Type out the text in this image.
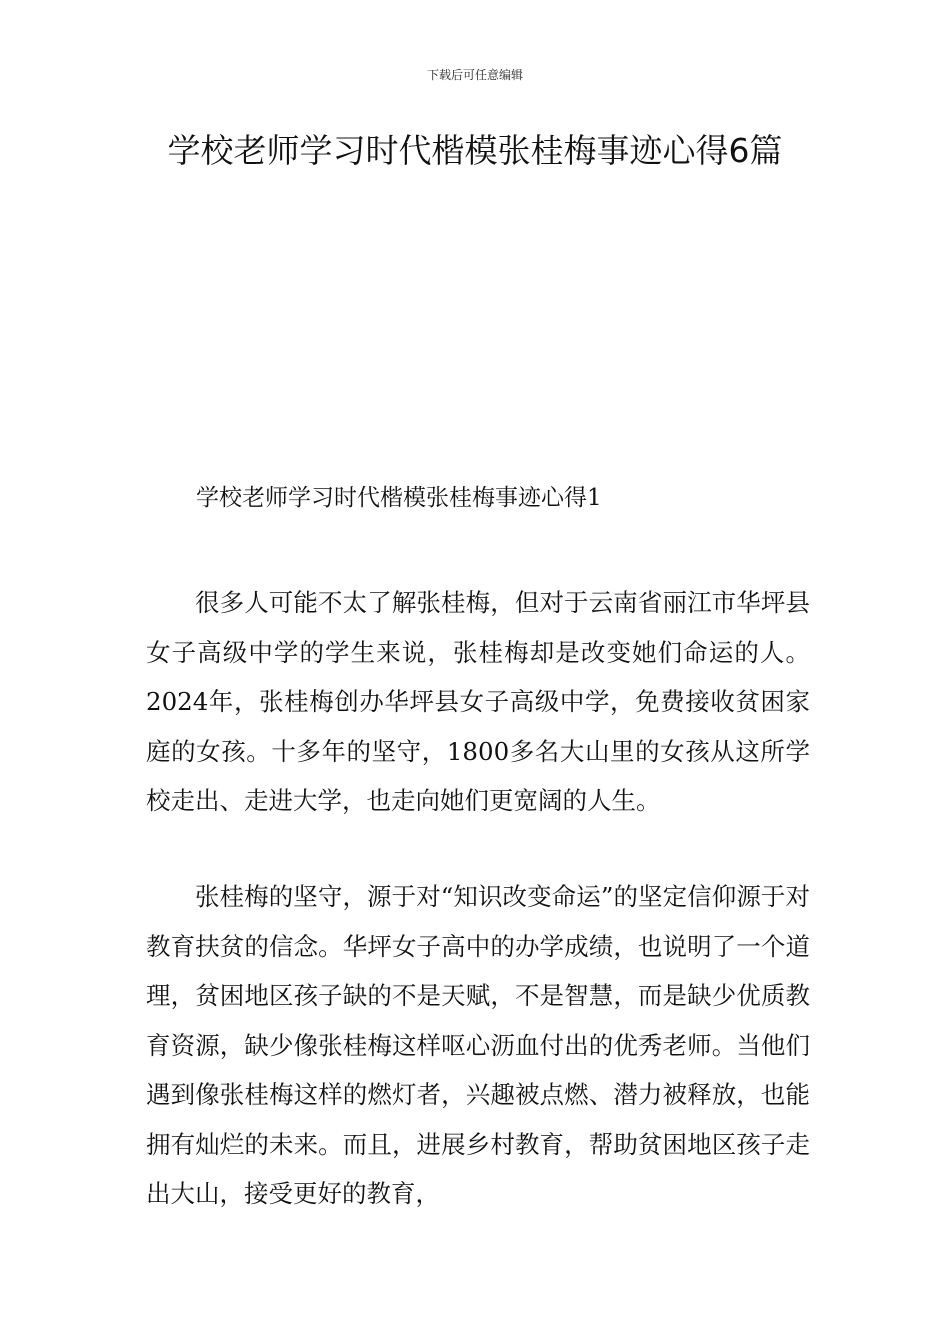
下载后可任意编辑
学校老师学习时代楷模张桂梅事迹心得6篇
学校老师学习时代楷模张桂梅事迹心得1

很多人可能不太了解张桂梅，但对于云南省丽江市华坪县女子高级中学的学生来说，张桂梅却是改变她们命运的人。2024年，张桂梅创办华坪县女子高级中学，免费接收贫困家庭的女孩。十多年的坚守，1800多名大山里的女孩从这所学校走出、走进大学，也走向她们更宽阔的人生。

张桂梅的坚守，源于对“知识改变命运”的坚定信仰源于对教育扶贫的信念。华坪女子高中的办学成绩，也说明了一个道理，贫困地区孩子缺的不是天赋，不是智慧，而是缺少优质教育资源，缺少像张桂梅这样呕心沥血付出的优秀老师。当他们遇到像张桂梅这样的燃灯者，兴趣被点燃、潜力被释放，也能拥有灿烂的未来。而且，进展乡村教育，帮助贫困地区孩子走出大山，接受更好的教育，
